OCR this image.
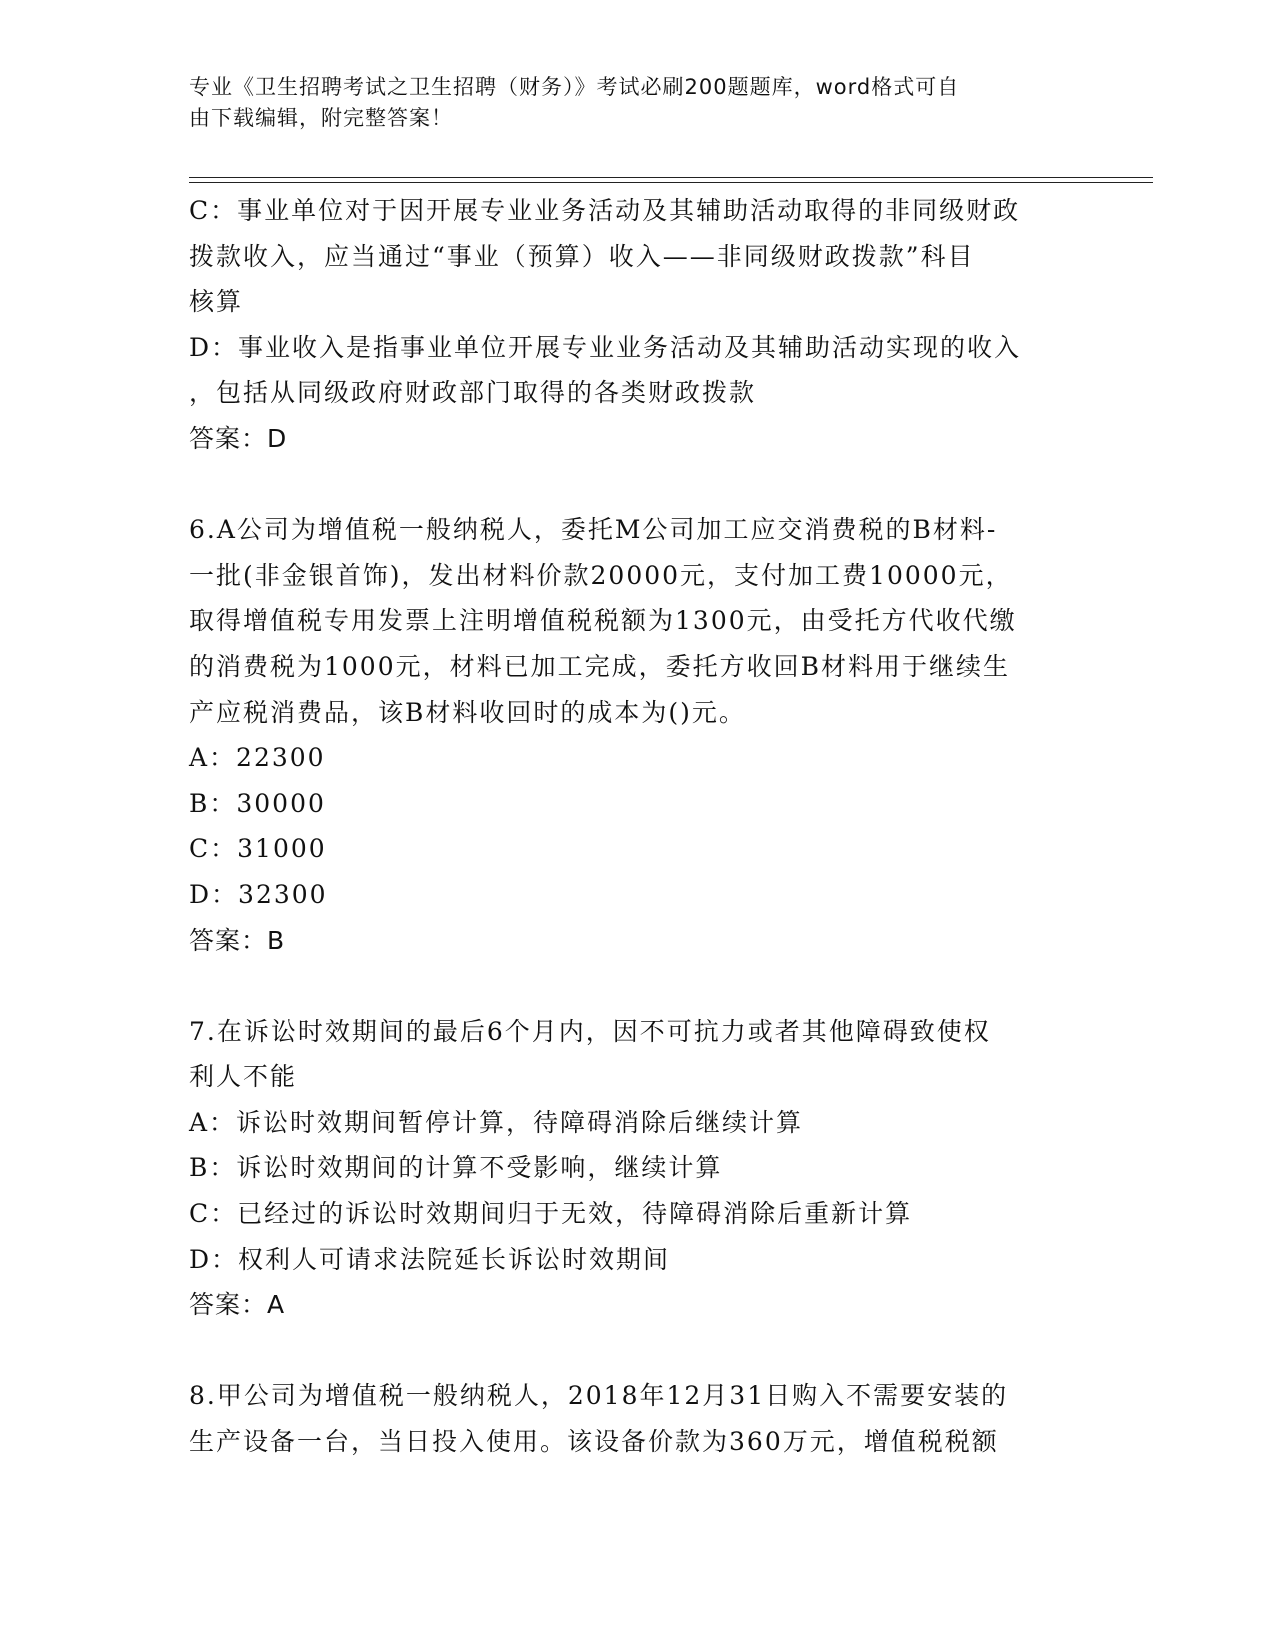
专业《卫生招聘考试之卫生招聘（财务）》考试必刷200题题库，word格式可自
由下载编辑，附完整答案！
C：事业单位对于因开展专业业务活动及其辅助活动取得的非同级财政
拨款收入，应当通过“事业（预算）收入——非同级财政拨款”科目
核算
D：事业收入是指事业单位开展专业业务活动及其辅助活动实现的收入
，包括从同级政府财政部门取得的各类财政拨款
答案：D
6.A公司为增值税一般纳税人，委托M公司加工应交消费税的B材料-
一批(非金银首饰)，发出材料价款20000元，支付加工费10000元，
取得增值税专用发票上注明增值税税额为1300元，由受托方代收代缴
的消费税为1000元，材料已加工完成，委托方收回B材料用于继续生
产应税消费品，该B材料收回时的成本为()元。
A：22300
B：30000
C：31000
D：32300
答案：B
7.在诉讼时效期间的最后6个月内，因不可抗力或者其他障碍致使权
利人不能
A：诉讼时效期间暂停计算，待障碍消除后继续计算
B：诉讼时效期间的计算不受影响，继续计算
C：已经过的诉讼时效期间归于无效，待障碍消除后重新计算
D：权利人可请求法院延长诉讼时效期间
答案：A
8.甲公司为增值税一般纳税人，2018年12月31日购入不需要安装的
生产设备一台，当日投入使用。该设备价款为360万元，增值税税额
